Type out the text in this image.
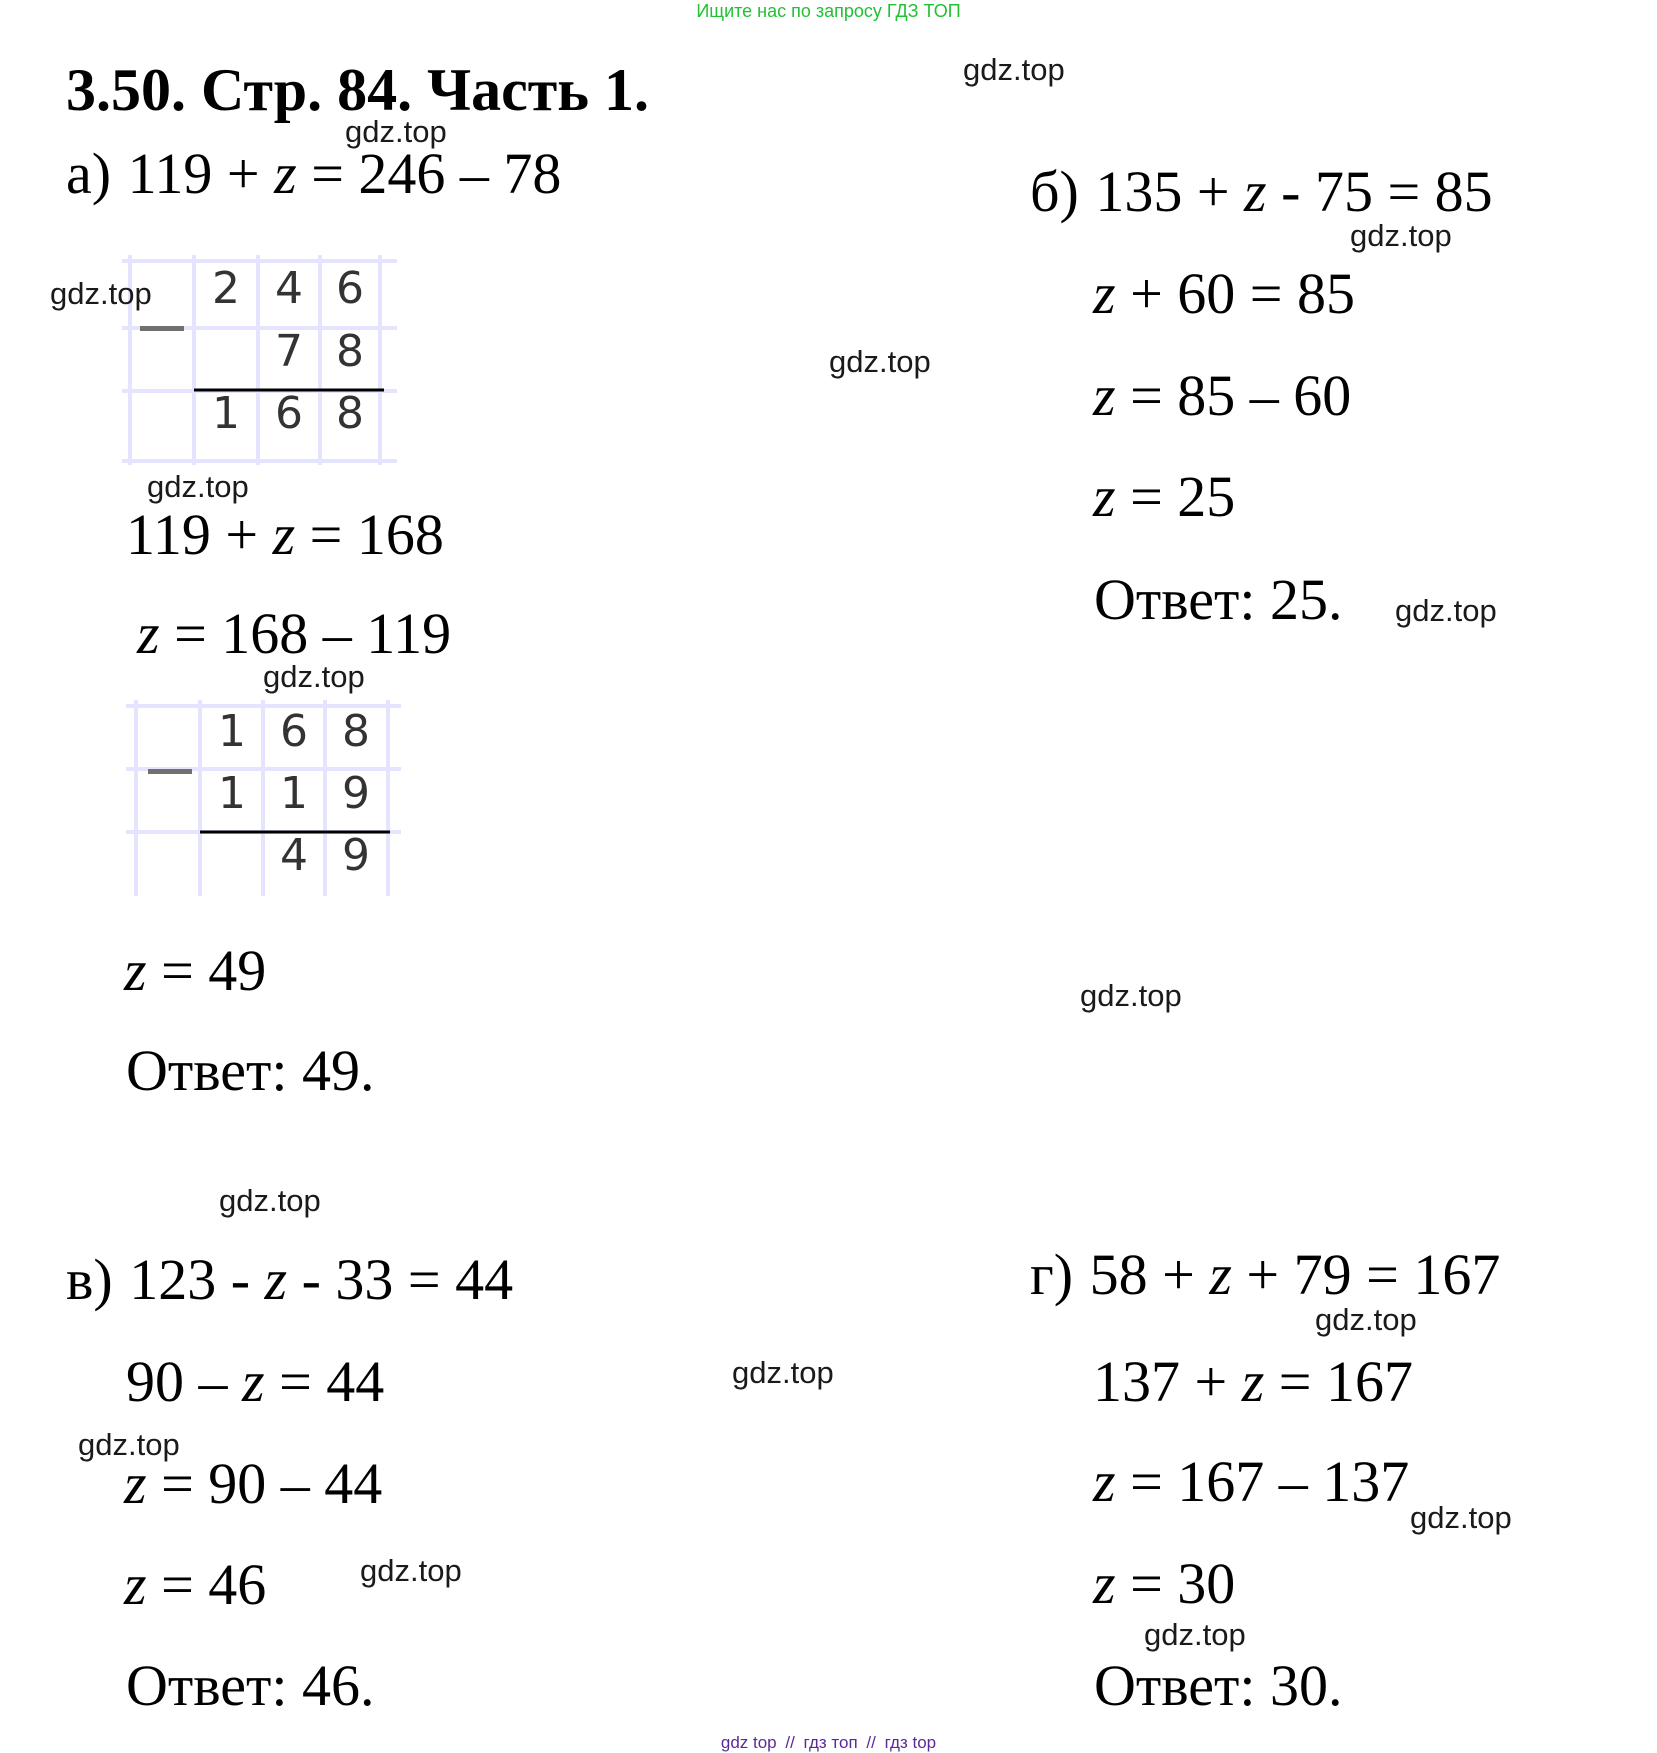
Ищите нас по запросу ГДЗ ТОП
3.50. Стр. 84. Часть 1.
а) 119 + z = 246 – 78
2 4 6
7 8
1 6 8
119 + z = 168
z = 168 – 119
1 6 8
1 1 9
4 9
z = 49
Ответ: 49.
б) 135 + z - 75 = 85
z + 60 = 85
z = 85 – 60
z = 25
Ответ: 25.
в) 123 - z - 33 = 44
90 – z = 44
z = 90 – 44
z = 46
Ответ: 46.
г) 58 + z + 79 = 167
137 + z = 167
z = 167 – 137
z = 30
Ответ: 30.
gdz.top
gdz.top
gdz.top
gdz.top
gdz.top
gdz.top
gdz.top
gdz.top
gdz.top
gdz.top
gdz.top
gdz.top
gdz.top
gdz.top
gdz.top
gdz.top
gdz top // гдз топ // гдз top
